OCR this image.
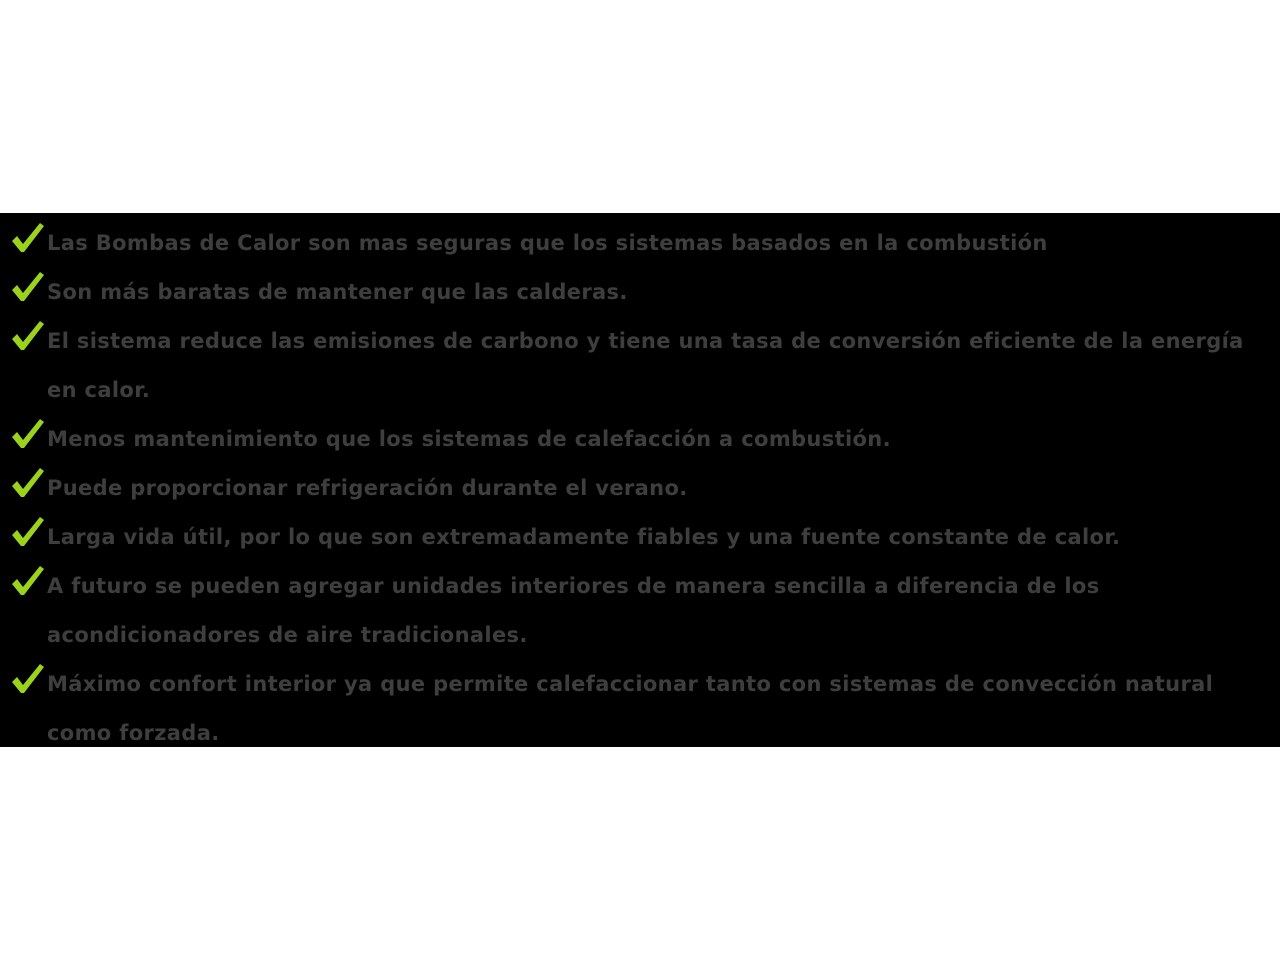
Las Bombas de Calor son mas seguras que los sistemas basados en la combustión
Son más baratas de mantener que las calderas.
El sistema reduce las emisiones de carbono y tiene una tasa de conversión eficiente de la energía en calor.
Menos mantenimiento que los sistemas de calefacción a combustión.
Puede proporcionar refrigeración durante el verano.
Larga vida útil, por lo que son extremadamente fiables y una fuente constante de calor.
A futuro se pueden agregar unidades interiores de manera sencilla a diferencia de los acondicionadores de aire tradicionales.
Máximo confort interior ya que permite calefaccionar tanto con sistemas de convección natural como forzada.
